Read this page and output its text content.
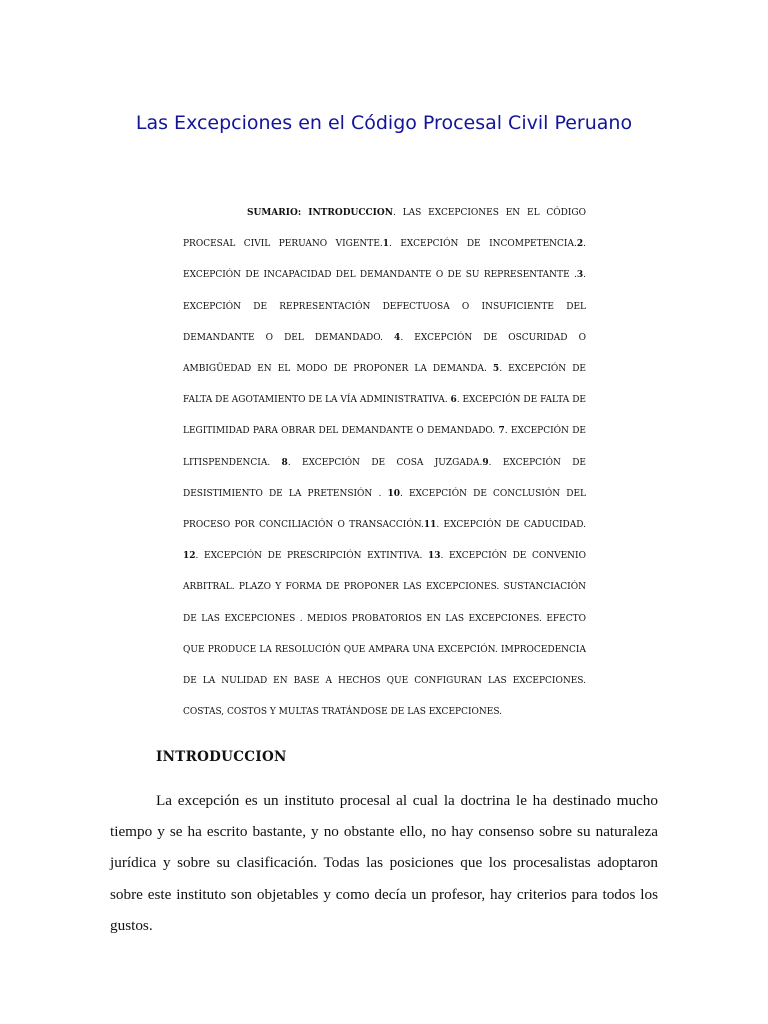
Las Excepciones en el Código Procesal Civil Peruano

SUMARIO: INTRODUCCION. LAS EXCEPCIONES EN EL CÓDIGO PROCESAL CIVIL PERUANO VIGENTE.1. EXCEPCIÓN DE INCOMPETENCIA.2. EXCEPCIÓN DE INCAPACIDAD DEL DEMANDANTE O DE SU REPRESENTANTE .3. EXCEPCIÓN DE REPRESENTACIÓN DEFECTUOSA O INSUFICIENTE DEL DEMANDANTE O DEL DEMANDADO. 4. EXCEPCIÓN DE OSCURIDAD O AMBIGÜEDAD EN EL MODO DE PROPONER LA DEMANDA. 5. EXCEPCIÓN DE FALTA DE AGOTAMIENTO DE LA VÍA ADMINISTRATIVA. 6. EXCEPCIÓN DE FALTA DE LEGITIMIDAD PARA OBRAR DEL DEMANDANTE O DEMANDADO. 7. EXCEPCIÓN DE LITISPENDENCIA. 8. EXCEPCIÓN DE COSA JUZGADA.9. EXCEPCIÓN DE DESISTIMIENTO DE LA PRETENSIÓN . 10. EXCEPCIÓN DE CONCLUSIÓN DEL PROCESO POR CONCILIACIÓN O TRANSACCIÓN.11. EXCEPCIÓN DE CADUCIDAD. 12. EXCEPCIÓN DE PRESCRIPCIÓN EXTINTIVA. 13. EXCEPCIÓN DE CONVENIO ARBITRAL. PLAZO Y FORMA DE PROPONER LAS EXCEPCIONES. SUSTANCIACIÓN DE LAS EXCEPCIONES . MEDIOS PROBATORIOS EN LAS EXCEPCIONES. EFECTO QUE PRODUCE LA RESOLUCIÓN QUE AMPARA UNA EXCEPCIÓN. IMPROCEDENCIA DE LA NULIDAD EN BASE A HECHOS QUE CONFIGURAN LAS EXCEPCIONES. COSTAS, COSTOS Y MULTAS TRATÁNDOSE DE LAS EXCEPCIONES.

INTRODUCCION

La excepción es un instituto procesal al cual la doctrina le ha destinado mucho tiempo y se ha escrito bastante, y no obstante ello, no hay consenso sobre su naturaleza jurídica y sobre su clasificación. Todas las posiciones que los procesalistas adoptaron sobre este instituto son objetables y como decía un profesor, hay criterios para todos los gustos.
